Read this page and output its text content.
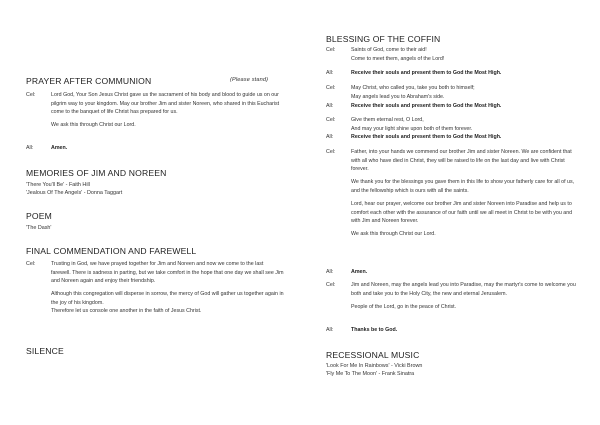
PRAYER AFTER COMMUNION	(Please stand)
Cel:	Lord God, Your Son Jesus Christ gave us the sacrament of his body and blood to guide us on our pilgrim way to your kingdom. May our brother Jim and sister Noreen, who shared in this Eucharist come to the banquet of life Christ has prepared for us.

We ask this through Christ our Lord.

All:	Amen.
MEMORIES OF JIM AND NOREEN
'There You'll Be' - Faith Hill
'Jealous Of The Angels' - Donna Taggart
POEM
'The Dash'
FINAL COMMENDATION AND FAREWELL
Cel:	Trusting in God, we have prayed together for Jim and Noreen and now we come to the last farewell. There is sadness in parting, but we take comfort in the hope that one day we shall see Jim and Noreen again and enjoy their friendship.

Although this congregation will disperse in sorrow, the mercy of God will gather us together again in the joy of his kingdom.

Therefore let us console one another in the faith of Jesus Christ.

SILENCE
BLESSING OF THE COFFIN
Cel:	Saints of God, come to their aid!
Come to meet them, angels of the Lord!
All:	Receive their souls and present them to God the Most High.
Cel:	May Christ, who called you, take you both to himself;
May angels lead you to Abraham's side.
All:	Receive their souls and present them to God the Most High.
Cel:	Give them eternal rest, O Lord,
And may your light shine upon both of them forever.
All:	Receive their souls and present them to God the Most High.
Cel:	Father, into your hands we commend our brother Jim and sister Noreen. We are confident that with all who have died in Christ, they will be raised to life on the last day and live with Christ forever.

We thank you for the blessings you gave them in this life to show your fatherly care for all of us, and the fellowship which is ours with all the saints.

Lord, hear our prayer, welcome our brother Jim and sister Noreen into Paradise and help us to comfort each other with the assurance of our faith until we all meet in Christ to be with you and with Jim and Noreen forever.

We ask this through Christ our Lord.

All:	Amen.
Cel:	Jim and Noreen, may the angels lead you into Paradise, may the martyr's come to welcome you both and take you to the Holy City, the new and eternal Jerusalem.

People of the Lord, go in the peace of Christ.

All:	Thanks be to God.
RECESSIONAL MUSIC
'Look For Me In Rainbows' - Vicki Brown
'Fly Me To The Moon' - Frank Sinatra
